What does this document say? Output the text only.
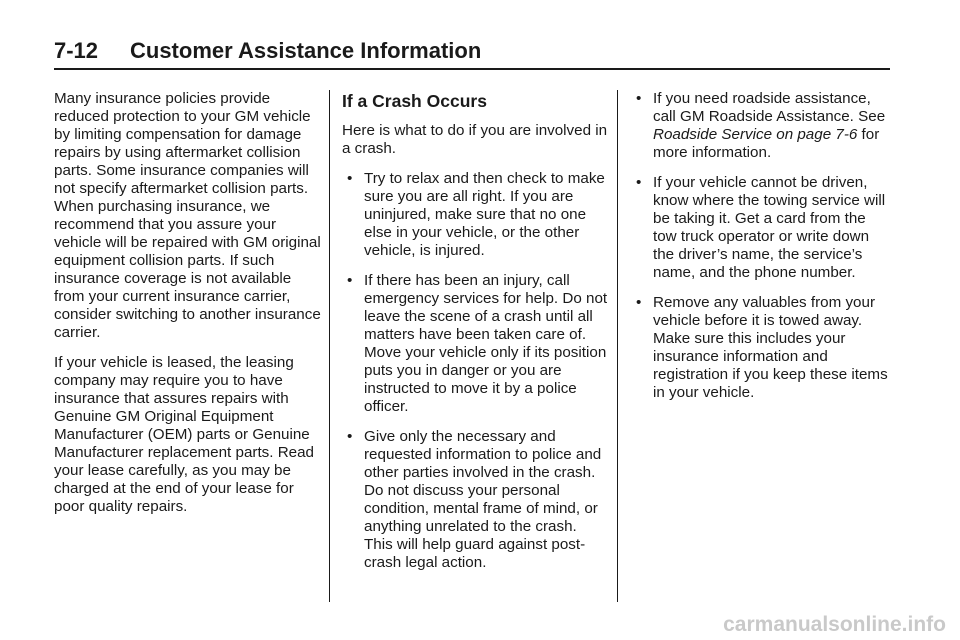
7-12 Customer Assistance Information

Many insurance policies provide reduced protection to your GM vehicle by limiting compensation for damage repairs by using aftermarket collision parts. Some insurance companies will not specify aftermarket collision parts. When purchasing insurance, we recommend that you assure your vehicle will be repaired with GM original equipment collision parts. If such insurance coverage is not available from your current insurance carrier, consider switching to another insurance carrier.

If your vehicle is leased, the leasing company may require you to have insurance that assures repairs with Genuine GM Original Equipment Manufacturer (OEM) parts or Genuine Manufacturer replacement parts. Read your lease carefully, as you may be charged at the end of your lease for poor quality repairs.

If a Crash Occurs

Here is what to do if you are involved in a crash.

• Try to relax and then check to make sure you are all right. If you are uninjured, make sure that no one else in your vehicle, or the other vehicle, is injured.
• If there has been an injury, call emergency services for help. Do not leave the scene of a crash until all matters have been taken care of. Move your vehicle only if its position puts you in danger or you are instructed to move it by a police officer.
• Give only the necessary and requested information to police and other parties involved in the crash. Do not discuss your personal condition, mental frame of mind, or anything unrelated to the crash. This will help guard against post-crash legal action.
• If you need roadside assistance, call GM Roadside Assistance. See Roadside Service on page 7-6 for more information.
• If your vehicle cannot be driven, know where the towing service will be taking it. Get a card from the tow truck operator or write down the driver’s name, the service’s name, and the phone number.
• Remove any valuables from your vehicle before it is towed away. Make sure this includes your insurance information and registration if you keep these items in your vehicle.
carmanualsonline.info
